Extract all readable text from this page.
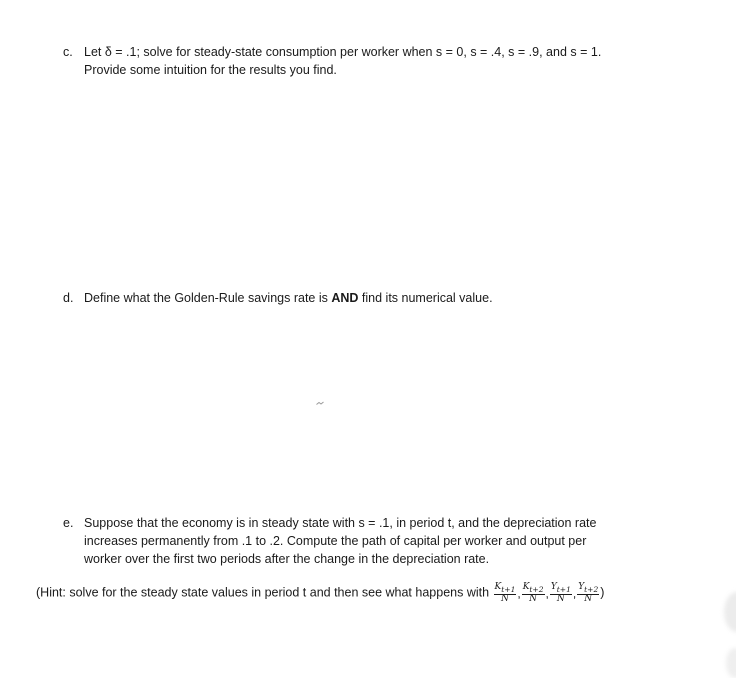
c. Let δ = .1; solve for steady-state consumption per worker when s = 0, s = .4, s = .9, and s = 1.
Provide some intuition for the results you find.
d. Define what the Golden-Rule savings rate is AND find its numerical value.
e. Suppose that the economy is in steady state with s = .1, in period t, and the depreciation rate
increases permanently from .1 to .2. Compute the path of capital per worker and output per
worker over the first two periods after the change in the depreciation rate.
(Hint: solve for the steady state values in period t and then see what happens with $\frac{K_{t+1}}{N}$ , $\frac{K_{t+2}}{N}$ , $\frac{Y_{t+1}}{N}$ , $\frac{Y_{t+2}}{N}$ )
